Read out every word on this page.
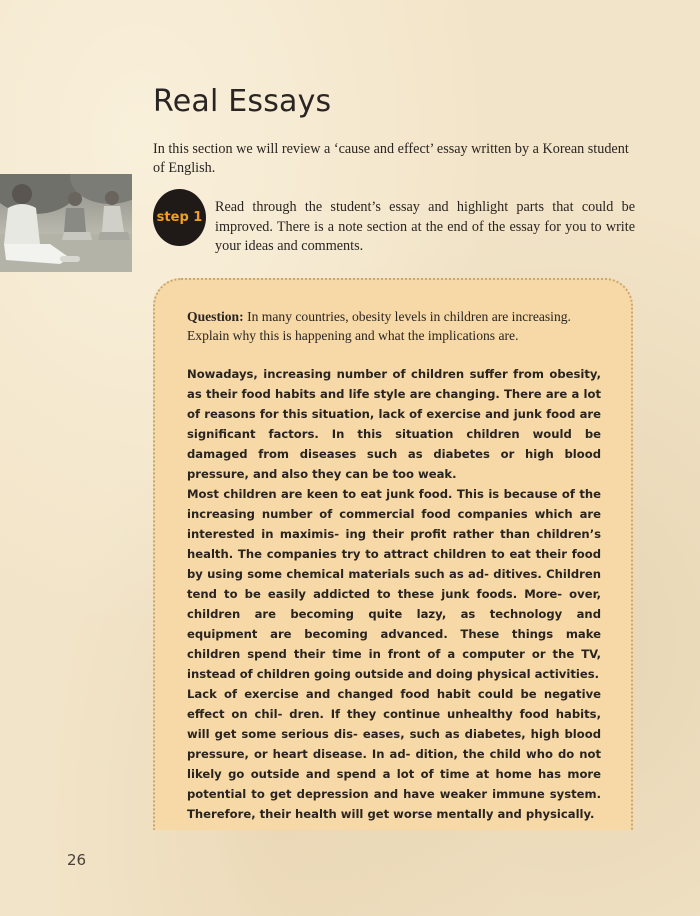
Real Essays

In this section we will review a ‘cause and effect’ essay written by a Korean student of English.

step 1

Read through the student’s essay and highlight parts that could be improved. There is a note section at the end of the essay for you to write your ideas and comments.

Question: In many countries, obesity levels in children are increasing. Explain why this is happening and what the implications are.

Nowadays, increasing number of children suffer from obesity, as their food habits and life style are changing. There are a lot of reasons for this situation, lack of exercise and junk food are significant factors. In this situation children would be damaged from diseases such as diabetes or high blood pressure, and also they can be too weak.

Most children are keen to eat junk food. This is because of the increasing number of commercial food companies which are interested in maximis- ing their profit rather than children’s health. The companies try to attract children to eat their food by using some chemical materials such as ad- ditives. Children tend to be easily addicted to these junk foods. More- over, children are becoming quite lazy, as technology and equipment are becoming advanced. These things make children spend their time in front of a computer or the TV, instead of children going outside and doing physical activities.

Lack of exercise and changed food habit could be negative effect on chil- dren. If they continue unhealthy food habits, will get some serious dis- eases, such as diabetes, high blood pressure, or heart disease. In ad- dition, the child who do not likely go outside and spend a lot of time at home has more potential to get depression and have weaker immune system. Therefore, their health will get worse mentally and physically.

26
